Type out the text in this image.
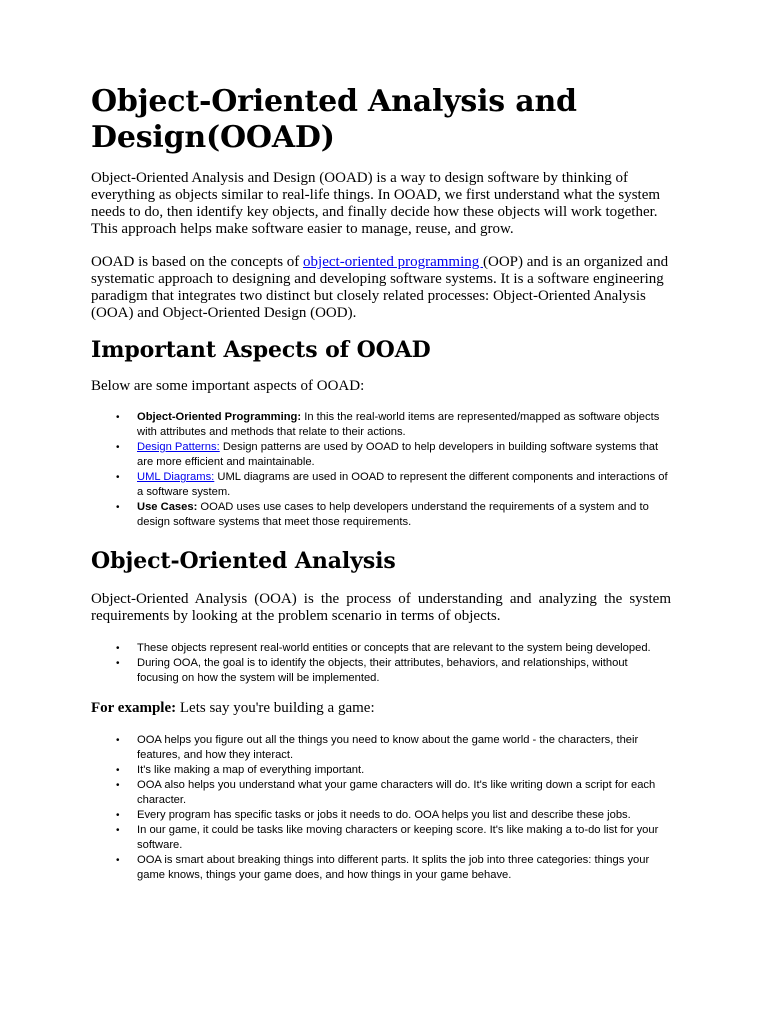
Object-Oriented Analysis and Design(OOAD)

Object-Oriented Analysis and Design (OOAD) is a way to design software by thinking of everything as objects similar to real-life things. In OOAD, we first understand what the system needs to do, then identify key objects, and finally decide how these objects will work together. This approach helps make software easier to manage, reuse, and grow.

OOAD is based on the concepts of object-oriented programming (OOP) and is an organized and systematic approach to designing and developing software systems. It is a software engineering paradigm that integrates two distinct but closely related processes: Object-Oriented Analysis (OOA) and Object-Oriented Design (OOD).

Important Aspects of OOAD

Below are some important aspects of OOAD:

• Object-Oriented Programming: In this the real-world items are represented/mapped as software objects with attributes and methods that relate to their actions.
• Design Patterns: Design patterns are used by OOAD to help developers in building software systems that are more efficient and maintainable.
• UML Diagrams: UML diagrams are used in OOAD to represent the different components and interactions of a software system.
• Use Cases: OOAD uses use cases to help developers understand the requirements of a system and to design software systems that meet those requirements.
Object-Oriented Analysis

Object-Oriented Analysis (OOA) is the process of understanding and analyzing the system requirements by looking at the problem scenario in terms of objects.

• These objects represent real-world entities or concepts that are relevant to the system being developed.
• During OOA, the goal is to identify the objects, their attributes, behaviors, and relationships, without focusing on how the system will be implemented.

For example: Lets say you're building a game:

• OOA helps you figure out all the things you need to know about the game world - the characters, their features, and how they interact.
• It's like making a map of everything important.
• OOA also helps you understand what your game characters will do. It's like writing down a script for each character.
• Every program has specific tasks or jobs it needs to do. OOA helps you list and describe these jobs.
• In our game, it could be tasks like moving characters or keeping score. It's like making a to-do list for your software.
• OOA is smart about breaking things into different parts. It splits the job into three categories: things your game knows, things your game does, and how things in your game behave.
